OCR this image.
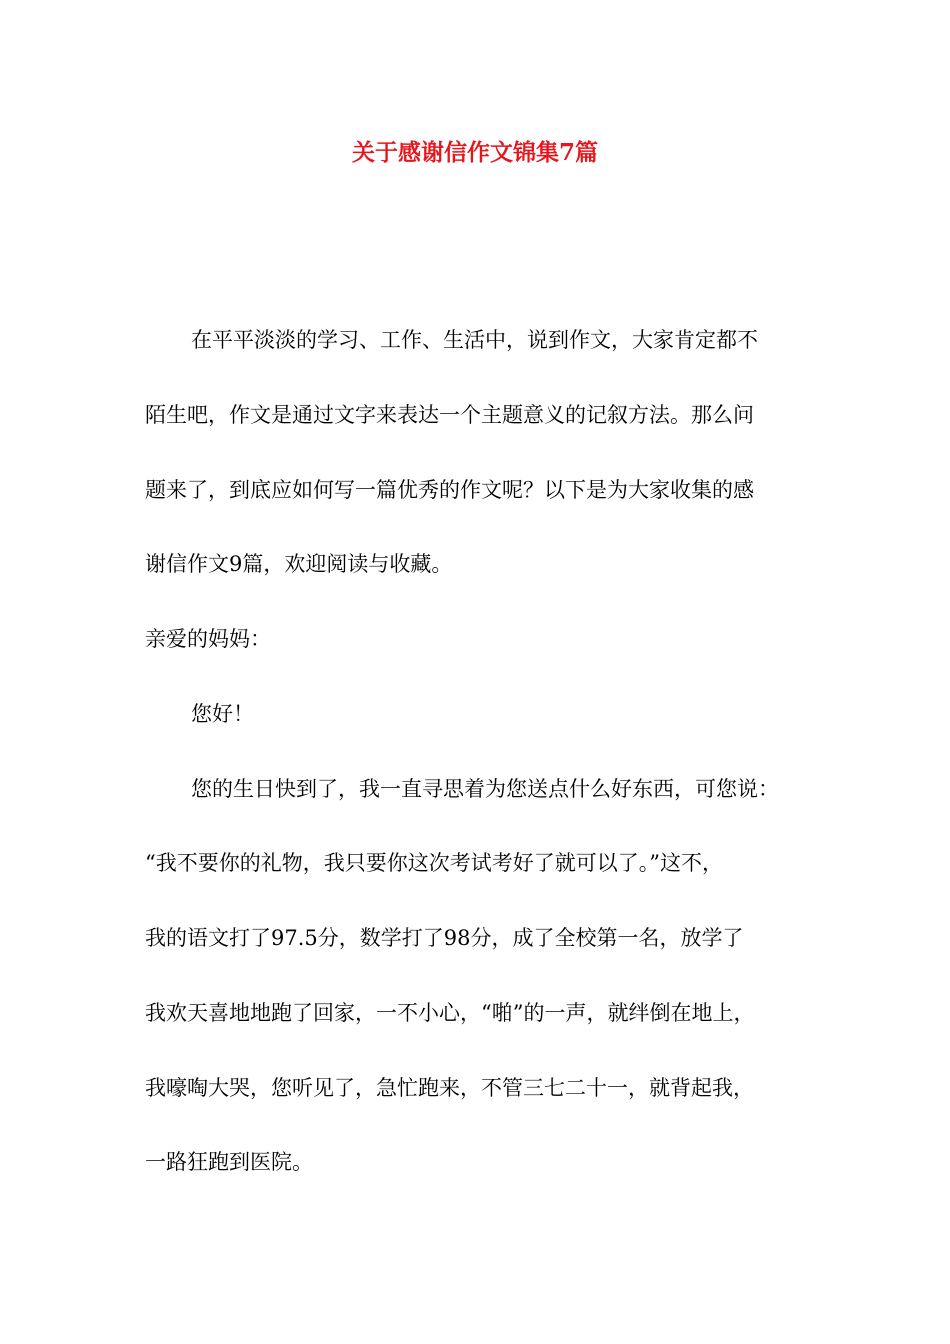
关于感谢信作文锦集7篇
在平平淡淡的学习、工作、生活中，说到作文，大家肯定都不
陌生吧，作文是通过文字来表达一个主题意义的记叙方法。那么问
题来了，到底应如何写一篇优秀的作文呢？以下是为大家收集的感
谢信作文9篇，欢迎阅读与收藏。
亲爱的妈妈：
您好！
您的生日快到了，我一直寻思着为您送点什么好东西，可您说：
“我不要你的礼物，我只要你这次考试考好了就可以了。”这不，
我的语文打了97.5分，数学打了98分，成了全校第一名，放学了
我欢天喜地地跑了回家，一不小心，“啪”的一声，就绊倒在地上，
我嚎啕大哭，您听见了，急忙跑来，不管三七二十一，就背起我，
一路狂跑到医院。
